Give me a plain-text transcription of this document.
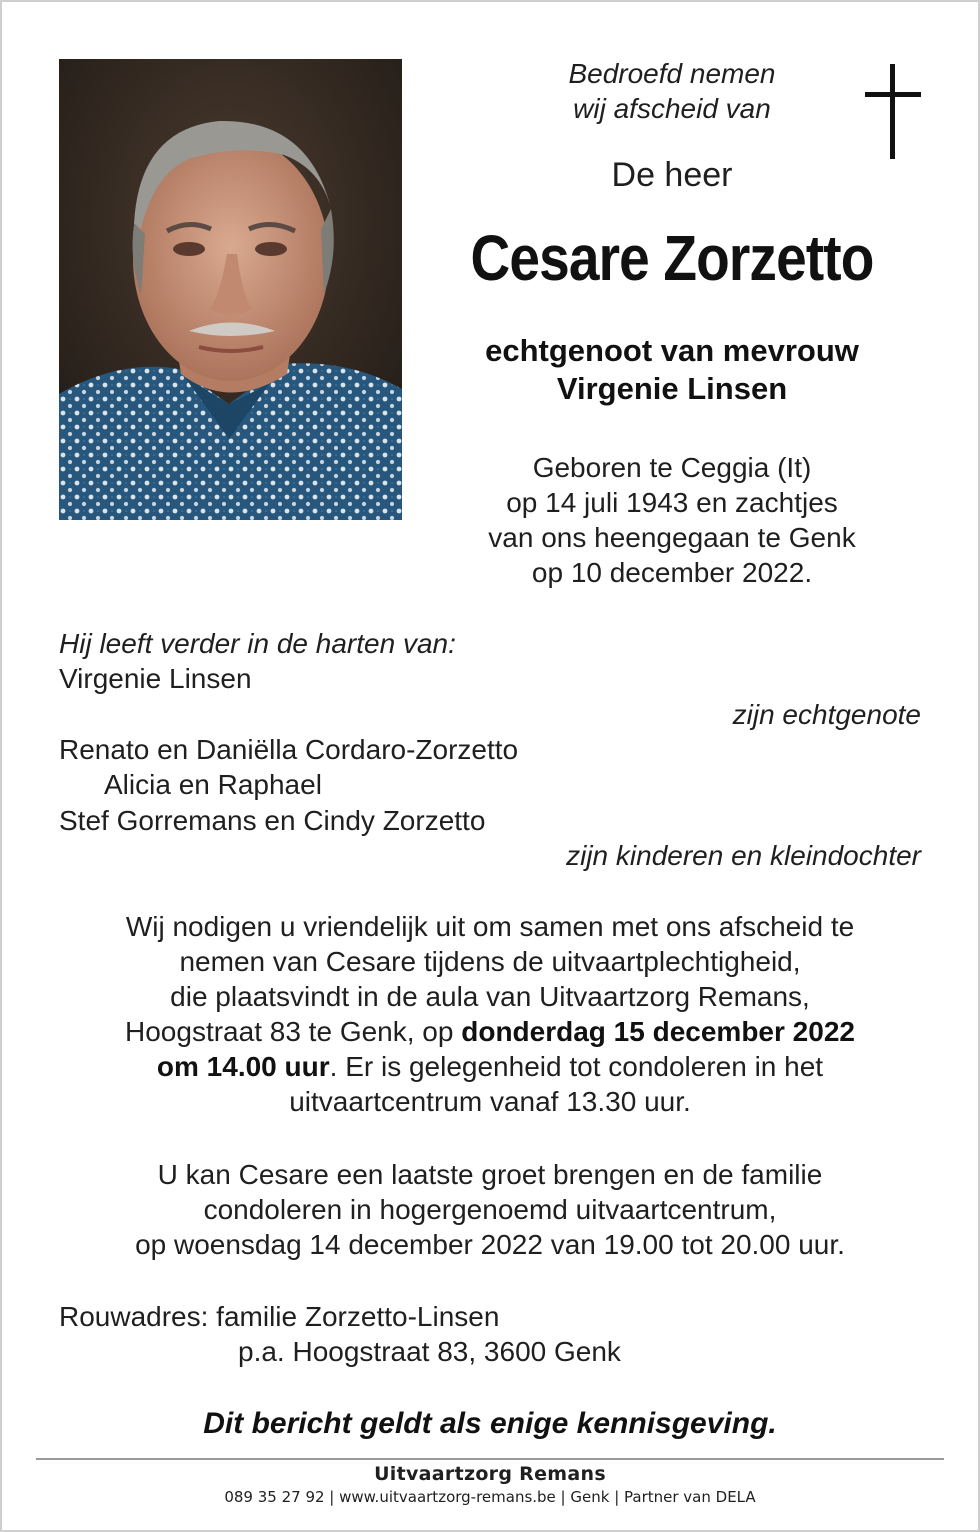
Bedroefd nemen
wij afscheid van
De heer
Cesare Zorzetto
echtgenoot van mevrouw
Virgenie Linsen
Geboren te Ceggia (It)
op 14 juli 1943 en zachtjes
van ons heengegaan te Genk
op 10 december 2022.
Hij leeft verder in de harten van:
Virgenie Linsen
zijn echtgenote
Renato en Daniëlla Cordaro-Zorzetto
Alicia en Raphael
Stef Gorremans en Cindy Zorzetto
zijn kinderen en kleindochter
Wij nodigen u vriendelijk uit om samen met ons afscheid te
nemen van Cesare tijdens de uitvaartplechtigheid,
die plaatsvindt in de aula van Uitvaartzorg Remans,
Hoogstraat 83 te Genk, op donderdag 15 december 2022
om 14.00 uur. Er is gelegenheid tot condoleren in het
uitvaartcentrum vanaf 13.30 uur.
U kan Cesare een laatste groet brengen en de familie
condoleren in hogergenoemd uitvaartcentrum,
op woensdag 14 december 2022 van 19.00 tot 20.00 uur.
Rouwadres: familie Zorzetto-Linsen
p.a. Hoogstraat 83, 3600 Genk
Dit bericht geldt als enige kennisgeving.
Uitvaartzorg Remans
089 35 27 92 | www.uitvaartzorg-remans.be | Genk | Partner van DELA
